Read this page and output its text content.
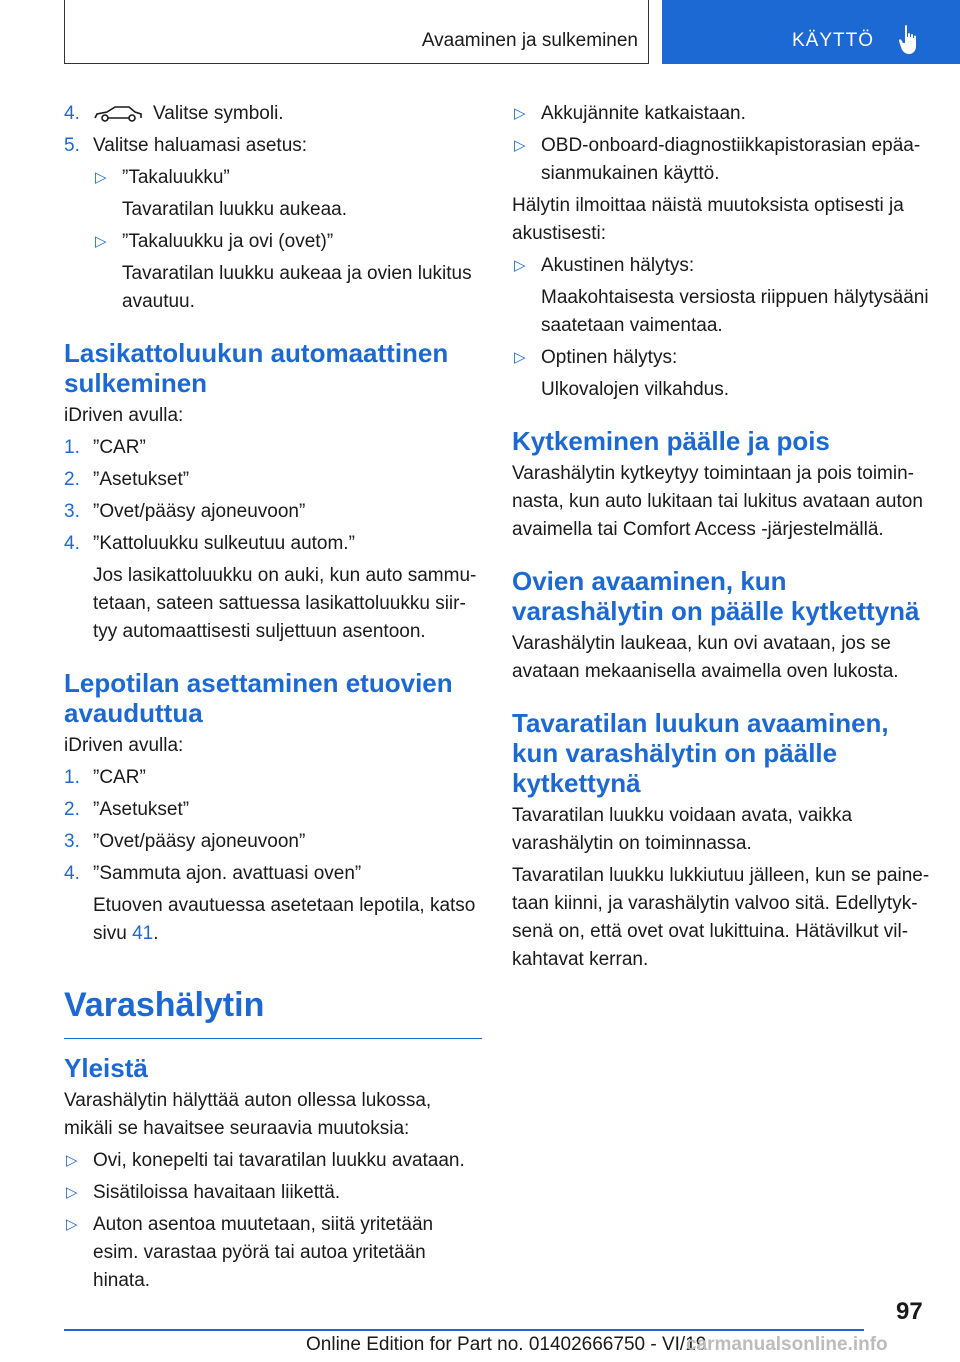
Avaaminen ja sulkeminen	KÄYTTÖ
4.	Valitse symboli.
5. Valitse haluamasi asetus:
▷ ”Takaluukku”
Tavaratilan luukku aukeaa.
▷ ”Takaluukku ja ovi (ovet)”
Tavaratilan luukku aukeaa ja ovien lukitus avautuu.
Lasikattoluukun automaattinen sulkeminen
iDriven avulla:
1. ”CAR”
2. ”Asetukset”
3. ”Ovet/pääsy ajoneuvoon”
4. ”Kattoluukku sulkeutuu autom.”
Jos lasikattoluukku on auki, kun auto sammutetaan, sateen sattuessa lasikattoluukku siirtyy automaattisesti suljettuun asentoon.
Lepotilan asettaminen etuovien avauduttua
iDriven avulla:
1. ”CAR”
2. ”Asetukset”
3. ”Ovet/pääsy ajoneuvoon”
4. ”Sammuta ajon. avattuasi oven”
Etuoven avautuessa asetetaan lepotila, katso sivu 41.
Varashälytin
Yleistä
Varashälytin hälyttää auton ollessa lukossa, mikäli se havaitsee seuraavia muutoksia:
▷ Ovi, konepelti tai tavaratilan luukku avataan.
▷ Sisätiloissa havaitaan liikettä.
▷ Auton asentoa muutetaan, siitä yritetään esim. varastaa pyörä tai autoa yritetään hinata.
▷ Akkujännite katkaistaan.
▷ OBD-onboard-diagnostiikkapistorasian epäasianmukainen käyttö.
Hälytin ilmoittaa näistä muutoksista optisesti ja akustisesti:
▷ Akustinen hälytys:
Maakohtaisesta versiosta riippuen hälytysääni saatetaan vaimentaa.
▷ Optinen hälytys:
Ulkovalojen vilkahdus.
Kytkeminen päälle ja pois
Varashälytin kytkeytyy toimintaan ja pois toiminnasta, kun auto lukitaan tai lukitus avataan auton avaimella tai Comfort Access -järjestelmällä.
Ovien avaaminen, kun varashälytin on päälle kytkettynä
Varashälytin laukeaa, kun ovi avataan, jos se avataan mekaanisella avaimella oven lukosta.
Tavaratilan luukun avaaminen, kun varashälytin on päälle kytkettynä
Tavaratilan luukku voidaan avata, vaikka varashälytin on toiminnassa.
Tavaratilan luukku lukkiutuu jälleen, kun se painetaan kiinni, ja varashälytin valvoo sitä. Edellytyksenä on, että ovet ovat lukittuina. Hätävilkut vilkahtavat kerran.
97
Online Edition for Part no. 01402666750 - VI/19
carmanualsonline.info
